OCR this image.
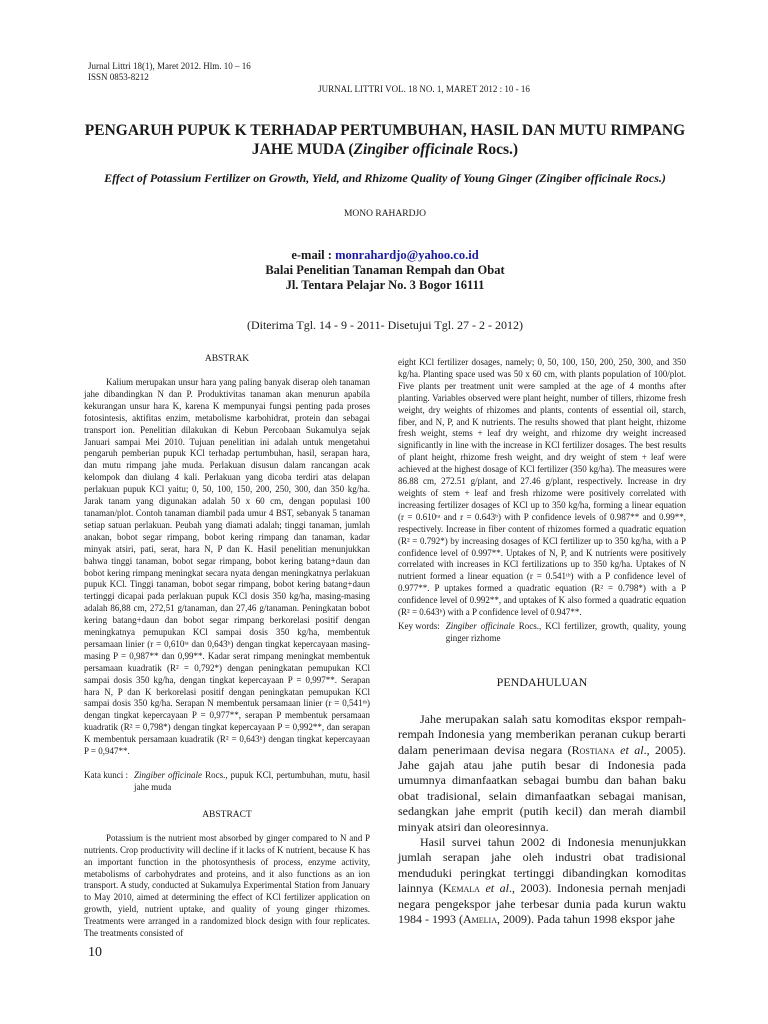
Jurnal Littri 18(1), Maret 2012. Hlm. 10 – 16
ISSN 0853-8212
JURNAL LITTRI VOL. 18 NO. 1, MARET 2012 : 10 - 16
PENGARUH PUPUK K TERHADAP PERTUMBUHAN, HASIL DAN MUTU RIMPANG
JAHE MUDA (Zingiber officinale Rocs.)
Effect of Potassium Fertilizer on Growth, Yield, and Rhizome Quality of Young Ginger (Zingiber officinale Rocs.)
MONO RAHARDJO
e-mail : monrahardjo@yahoo.co.id
Balai Penelitian Tanaman Rempah dan Obat
Jl. Tentara Pelajar No. 3 Bogor 16111
(Diterima Tgl. 14 - 9 - 2011- Disetujui Tgl. 27 - 2 - 2012)
ABSTRAK

Kalium merupakan unsur hara yang paling banyak diserap oleh tanaman jahe dibandingkan N dan P. Produktivitas tanaman akan menurun apabila kekurangan unsur hara K, karena K mempunyai fungsi penting pada proses fotosintesis, aktifitas enzim, metabolisme karbohidrat, protein dan sebagai transport ion. Penelitian dilakukan di Kebun Percobaan Sukamulya sejak Januari sampai Mei 2010. Tujuan penelitian ini adalah untuk mengetahui pengaruh pemberian pupuk KCl terhadap pertumbuhan, hasil, serapan hara, dan mutu rimpang jahe muda. Perlakuan disusun dalam rancangan acak kelompok dan diulang 4 kali. Perlakuan yang dicoba terdiri atas delapan perlakuan pupuk KCl yaitu; 0, 50, 100, 150, 200, 250, 300, dan 350 kg/ha. Jarak tanam yang digunakan adalah 50 x 60 cm, dengan populasi 100 tanaman/plot. Contoh tanaman diambil pada umur 4 BST, sebanyak 5 tanaman setiap satuan perlakuan. Peubah yang diamati adalah; tinggi tanaman, jumlah anakan, bobot segar rimpang, bobot kering rimpang dan tanaman, kadar minyak atsiri, pati, serat, hara N, P dan K. Hasil penelitian menunjukkan bahwa tinggi tanaman, bobot segar rimpang, bobot kering batang+daun dan bobot kering rimpang meningkat secara nyata dengan meningkatnya perlakuan pupuk KCl. Tinggi tanaman, bobot segar rimpang, bobot kering batang+daun tertinggi dicapai pada perlakuan pupuk KCl dosis 350 kg/ha, masing-masing adalah 86,88 cm, 272,51 g/tanaman, dan 27,46 g/tanaman. Peningkatan bobot kering batang+daun dan bobot segar rimpang berkorelasi positif dengan meningkatnya pemupukan KCl sampai dosis 350 kg/ha, membentuk persamaan linier (r = 0,610ᵗᵃ dan 0,643ᵇ) dengan tingkat kepercayaan masing-masing P = 0,987** dan 0,99**. Kadar serat rimpang meningkat membentuk persamaan kuadratik (R² = 0,792*) dengan peningkatan pemupukan KCl sampai dosis 350 kg/ha, dengan tingkat kepercayaan P = 0,997**. Serapan hara N, P dan K berkorelasi positif dengan peningkatan pemupukan KCl sampai dosis 350 kg/ha. Serapan N membentuk persamaan linier (r = 0,541ᵗᵇ) dengan tingkat kepercayaan P = 0,977**, serapan P membentuk persamaan kuadratik (R² = 0,798*) dengan tingkat kepercayaan P = 0,992**, dan serapan K membentuk persamaan kuadratik (R² = 0,643ᵇ) dengan tingkat kepercayaan P = 0,947**.

Kata kunci : Zingiber officinale Rocs., pupuk KCl, pertumbuhan, mutu, hasil jahe muda
ABSTRACT

Potassium is the nutrient most absorbed by ginger compared to N and P nutrients. Crop productivity will decline if it lacks of K nutrient, because K has an important function in the photosynthesis of process, enzyme activity, metabolisms of carbohydrates and proteins, and it also functions as an ion transport. A study, conducted at Sukamulya Experimental Station from January to May 2010, aimed at determining the effect of KCl fertilizer application on growth, yield, nutrient uptake, and quality of young ginger rhizomes. Treatments were arranged in a randomized block design with four replicates. The treatments consisted of

eight KCl fertilizer dosages, namely; 0, 50, 100, 150, 200, 250, 300, and 350 kg/ha. Planting space used was 50 x 60 cm, with plants population of 100/plot. Five plants per treatment unit were sampled at the age of 4 months after planting. Variables observed were plant height, number of tillers, rhizome fresh weight, dry weights of rhizomes and plants, contents of essential oil, starch, fiber, and N, P, and K nutrients. The results showed that plant height, rhizome fresh weight, stems + leaf dry weight, and rhizome dry weight increased significantly in line with the increase in KCl fertilizer dosages. The best results of plant height, rhizome fresh weight, and dry weight of stem + leaf were achieved at the highest dosage of KCl fertilizer (350 kg/ha). The measures were 86.88 cm, 272.51 g/plant, and 27.46 g/plant, respectively. Increase in dry weights of stem + leaf and fresh rhizome were positively correlated with increasing fertilizer dosages of KCl up to 350 kg/ha, forming a linear equation (r = 0.610ᵗᵃ and r = 0.643ᵇ) with P confidence levels of 0.987** and 0.99**, respectively. Increase in fiber content of rhizomes formed a quadratic equation (R² = 0.792*) by increasing dosages of KCl fertilizer up to 350 kg/ha, with a P confidence level of 0.997**. Uptakes of N, P, and K nutrients were positively correlated with increases in KCl fertilizations up to 350 kg/ha. Uptakes of N nutrient formed a linear equation (r = 0.541ᵗᵇ) with a P confidence level of 0.977**. P uptakes formed a quadratic equation (R² = 0.798*) with a P confidence level of 0.992**, and uptakes of K also formed a quadratic equation (R² = 0.643ᵇ) with a P confidence level of 0.947**.

Key words: Zingiber officinale Rocs., KCl fertilizer, growth, quality, young ginger rizhome
PENDAHULUAN

Jahe merupakan salah satu komoditas ekspor rempah-rempah Indonesia yang memberikan peranan cukup berarti dalam penerimaan devisa negara (Rostiana et al., 2005). Jahe gajah atau jahe putih besar di Indonesia pada umumnya dimanfaatkan sebagai bumbu dan bahan baku obat tradisional, selain dimanfaatkan sebagai manisan, sedangkan jahe emprit (putih kecil) dan merah diambil minyak atsiri dan oleoresinnya.

Hasil survei tahun 2002 di Indonesia menunjukkan jumlah serapan jahe oleh industri obat tradisional menduduki peringkat tertinggi dibandingkan komoditas lainnya (Kemala et al., 2003). Indonesia pernah menjadi negara pengekspor jahe terbesar dunia pada kurun waktu 1984 - 1993 (Amelia, 2009). Pada tahun 1998 ekspor jahe

10
